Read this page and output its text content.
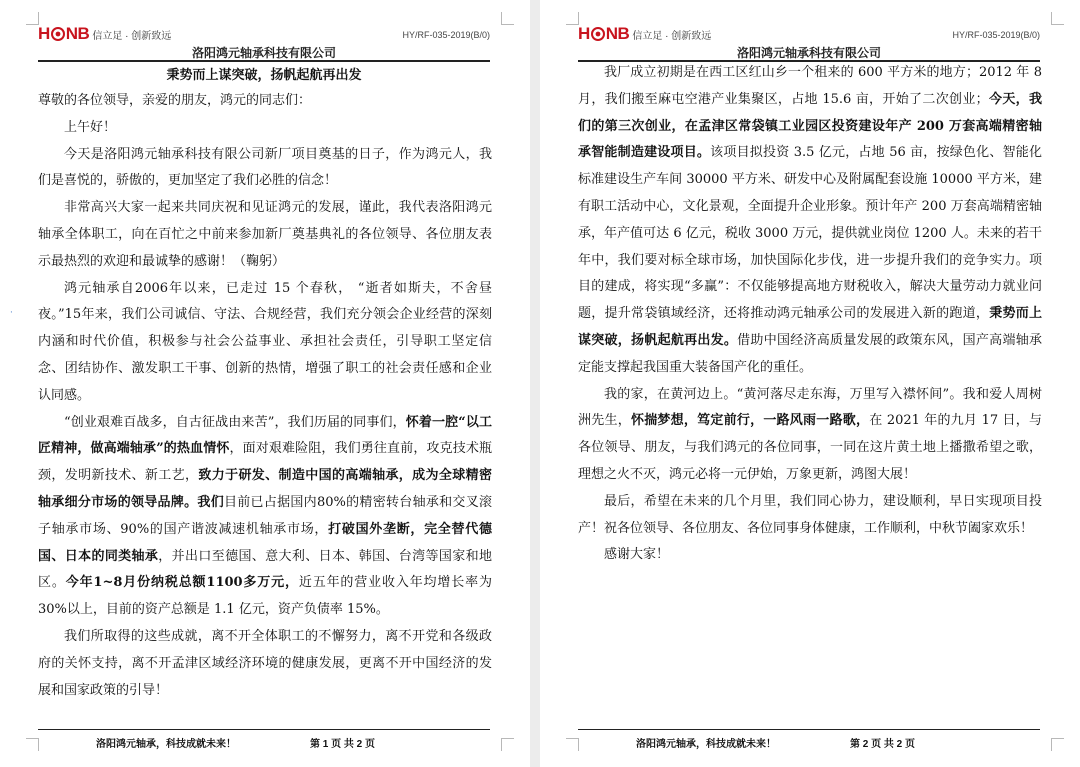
·
H NB 信立足 · 创新致远	HY/RF-035-2019(B/0)
洛阳鸿元轴承科技有限公司
秉势而上谋突破，扬帆起航再出发

尊敬的各位领导，亲爱的朋友，鸿元的同志们：

上午好！

今天是洛阳鸿元轴承科技有限公司新厂项目奠基的日子，作为鸿元人，我们是喜悦的，骄傲的，更加坚定了我们必胜的信念！

非常高兴大家一起来共同庆祝和见证鸿元的发展，谨此，我代表洛阳鸿元轴承全体职工，向在百忙之中前来参加新厂奠基典礼的各位领导、各位朋友表示最热烈的欢迎和最诚挚的感谢！（鞠躬）

鸿元轴承自2006年以来，已走过 15 个春秋， “逝者如斯夫，不舍昼夜。”15年来，我们公司诚信、守法、合规经营，我们充分领会企业经营的深刻内涵和时代价值，积极参与社会公益事业、承担社会责任，引导职工坚定信念、团结协作、激发职工干事、创新的热情，增强了职工的社会责任感和企业认同感。

“创业艰难百战多，自古征战由来苦”，我们历届的同事们，怀着一腔“以工匠精神，做高端轴承”的热血情怀，面对艰难险阻，我们勇往直前，攻克技术瓶颈，发明新技术、新工艺，致力于研发、制造中国的高端轴承，成为全球精密轴承细分市场的领导品牌。我们目前已占据国内80%的精密转台轴承和交叉滚子轴承市场、90%的国产谐波减速机轴承市场，打破国外垄断，完全替代德国、日本的同类轴承，并出口至德国、意大利、日本、韩国、台湾等国家和地区。今年1~8月份纳税总额1100多万元，近五年的营业收入年均增长率为30%以上，目前的资产总额是 1.1 亿元，资产负债率 15%。

我们所取得的这些成就，离不开全体职工的不懈努力，离不开党和各级政府的关怀支持，离不开孟津区域经济环境的健康发展，更离不开中国经济的发展和国家政策的引导！

洛阳鸿元轴承，科技成就未来！	第 1 页 共 2 页
H NB 信立足 · 创新致远	HY/RF-035-2019(B/0)
洛阳鸿元轴承科技有限公司

我厂成立初期是在西工区红山乡一个租来的 600 平方米的地方；2012 年 8 月，我们搬至麻屯空港产业集聚区，占地 15.6 亩，开始了二次创业；今天，我们的第三次创业，在孟津区常袋镇工业园区投资建设年产 200 万套高端精密轴承智能制造建设项目。该项目拟投资 3.5 亿元，占地 56 亩，按绿色化、智能化标准建设生产车间 30000 平方米、研发中心及附属配套设施 10000 平方米，建有职工活动中心，文化景观，全面提升企业形象。预计年产 200 万套高端精密轴承，年产值可达 6 亿元，税收 3000 万元，提供就业岗位 1200 人。未来的若干年中，我们要对标全球市场，加快国际化步伐，进一步提升我们的竞争实力。项目的建成，将实现“多赢”：不仅能够提高地方财税收入，解决大量劳动力就业问题，提升常袋镇域经济，还将推动鸿元轴承公司的发展进入新的跑道，秉势而上谋突破，扬帆起航再出发。借助中国经济高质量发展的政策东风，国产高端轴承定能支撑起我国重大装备国产化的重任。

我的家，在黄河边上。“黄河落尽走东海，万里写入襟怀间”。我和爱人周树洲先生，怀揣梦想，笃定前行，一路风雨一路歌，在 2021 年的九月 17 日，与各位领导、朋友，与我们鸿元的各位同事，一同在这片黄土地上播撒希望之歌，理想之火不灭，鸿元必将一元伊始，万象更新，鸿图大展！

最后，希望在未来的几个月里，我们同心协力，建设顺利，早日实现项目投产！祝各位领导、各位朋友、各位同事身体健康，工作顺利，中秋节阖家欢乐！

感谢大家！

洛阳鸿元轴承，科技成就未来！	第 2 页 共 2 页
